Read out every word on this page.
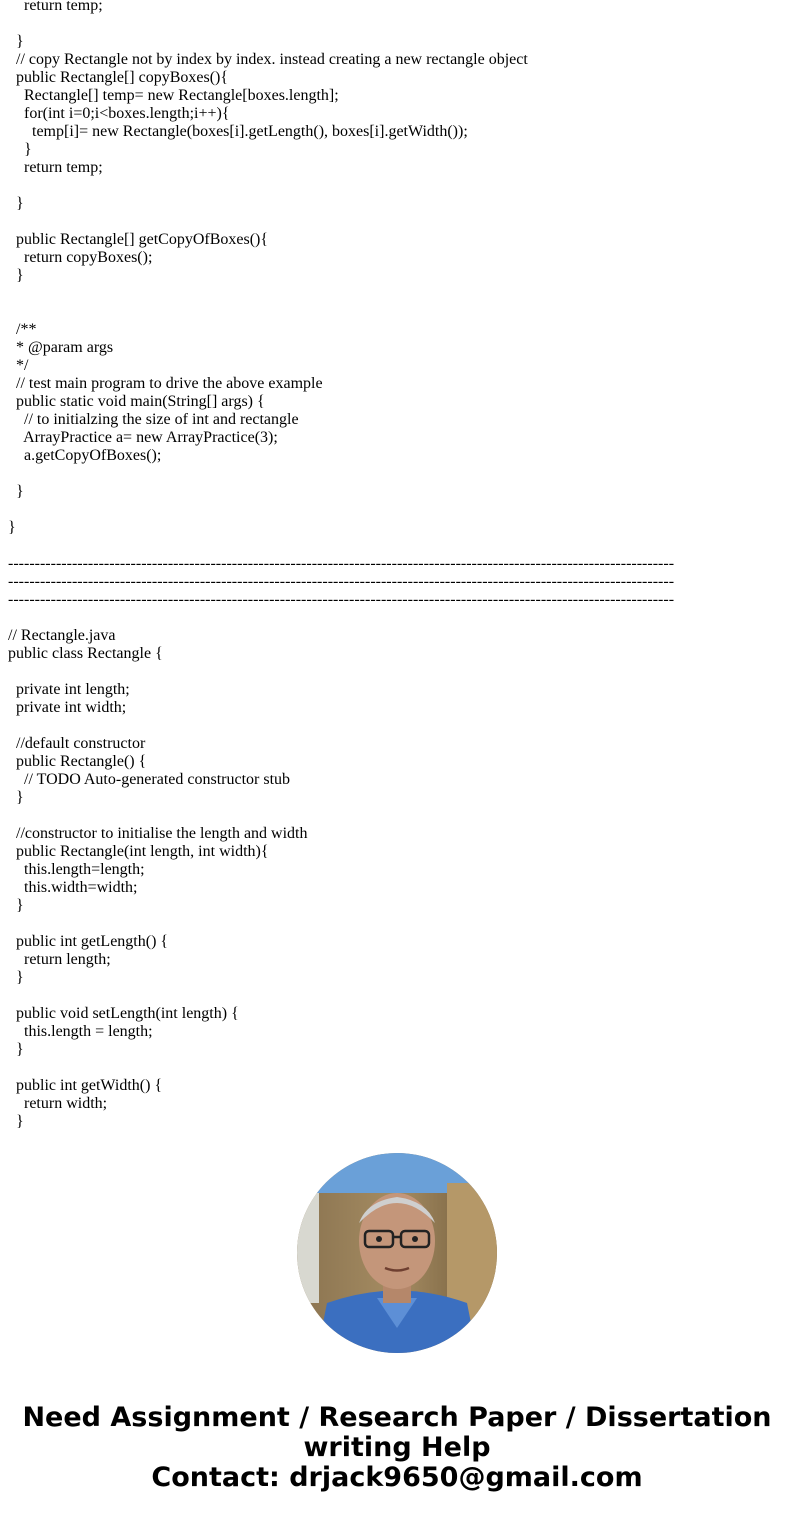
return temp;
}
// copy Rectangle not by index by index. instead creating a new rectangle object
public Rectangle[] copyBoxes(){
Rectangle[] temp= new Rectangle[boxes.length];
for(int i=0;i<boxes.length;i++){
temp[i]= new Rectangle(boxes[i].getLength(), boxes[i].getWidth());
}
return temp;
}
public Rectangle[] getCopyOfBoxes(){
return copyBoxes();
}
/**
* @param args
*/
// test main program to drive the above example
public static void main(String[] args) {
// to initialzing the size of int and rectangle
ArrayPractice a= new ArrayPractice(3);
a.getCopyOfBoxes();
}
}
-----------------------------------------------------------------------------------------------------------------------------
-----------------------------------------------------------------------------------------------------------------------------
-----------------------------------------------------------------------------------------------------------------------------
// Rectangle.java
public class Rectangle {
private int length;
private int width;
//default constructor
public Rectangle() {
// TODO Auto-generated constructor stub
}
//constructor to initialise the length and width
public Rectangle(int length, int width){
this.length=length;
this.width=width;
}
public int getLength() {
return length;
}
public void setLength(int length) {
this.length = length;
}
public int getWidth() {
return width;
}
Need Assignment / Research Paper / Dissertation
writing Help
Contact: drjack9650@gmail.com
